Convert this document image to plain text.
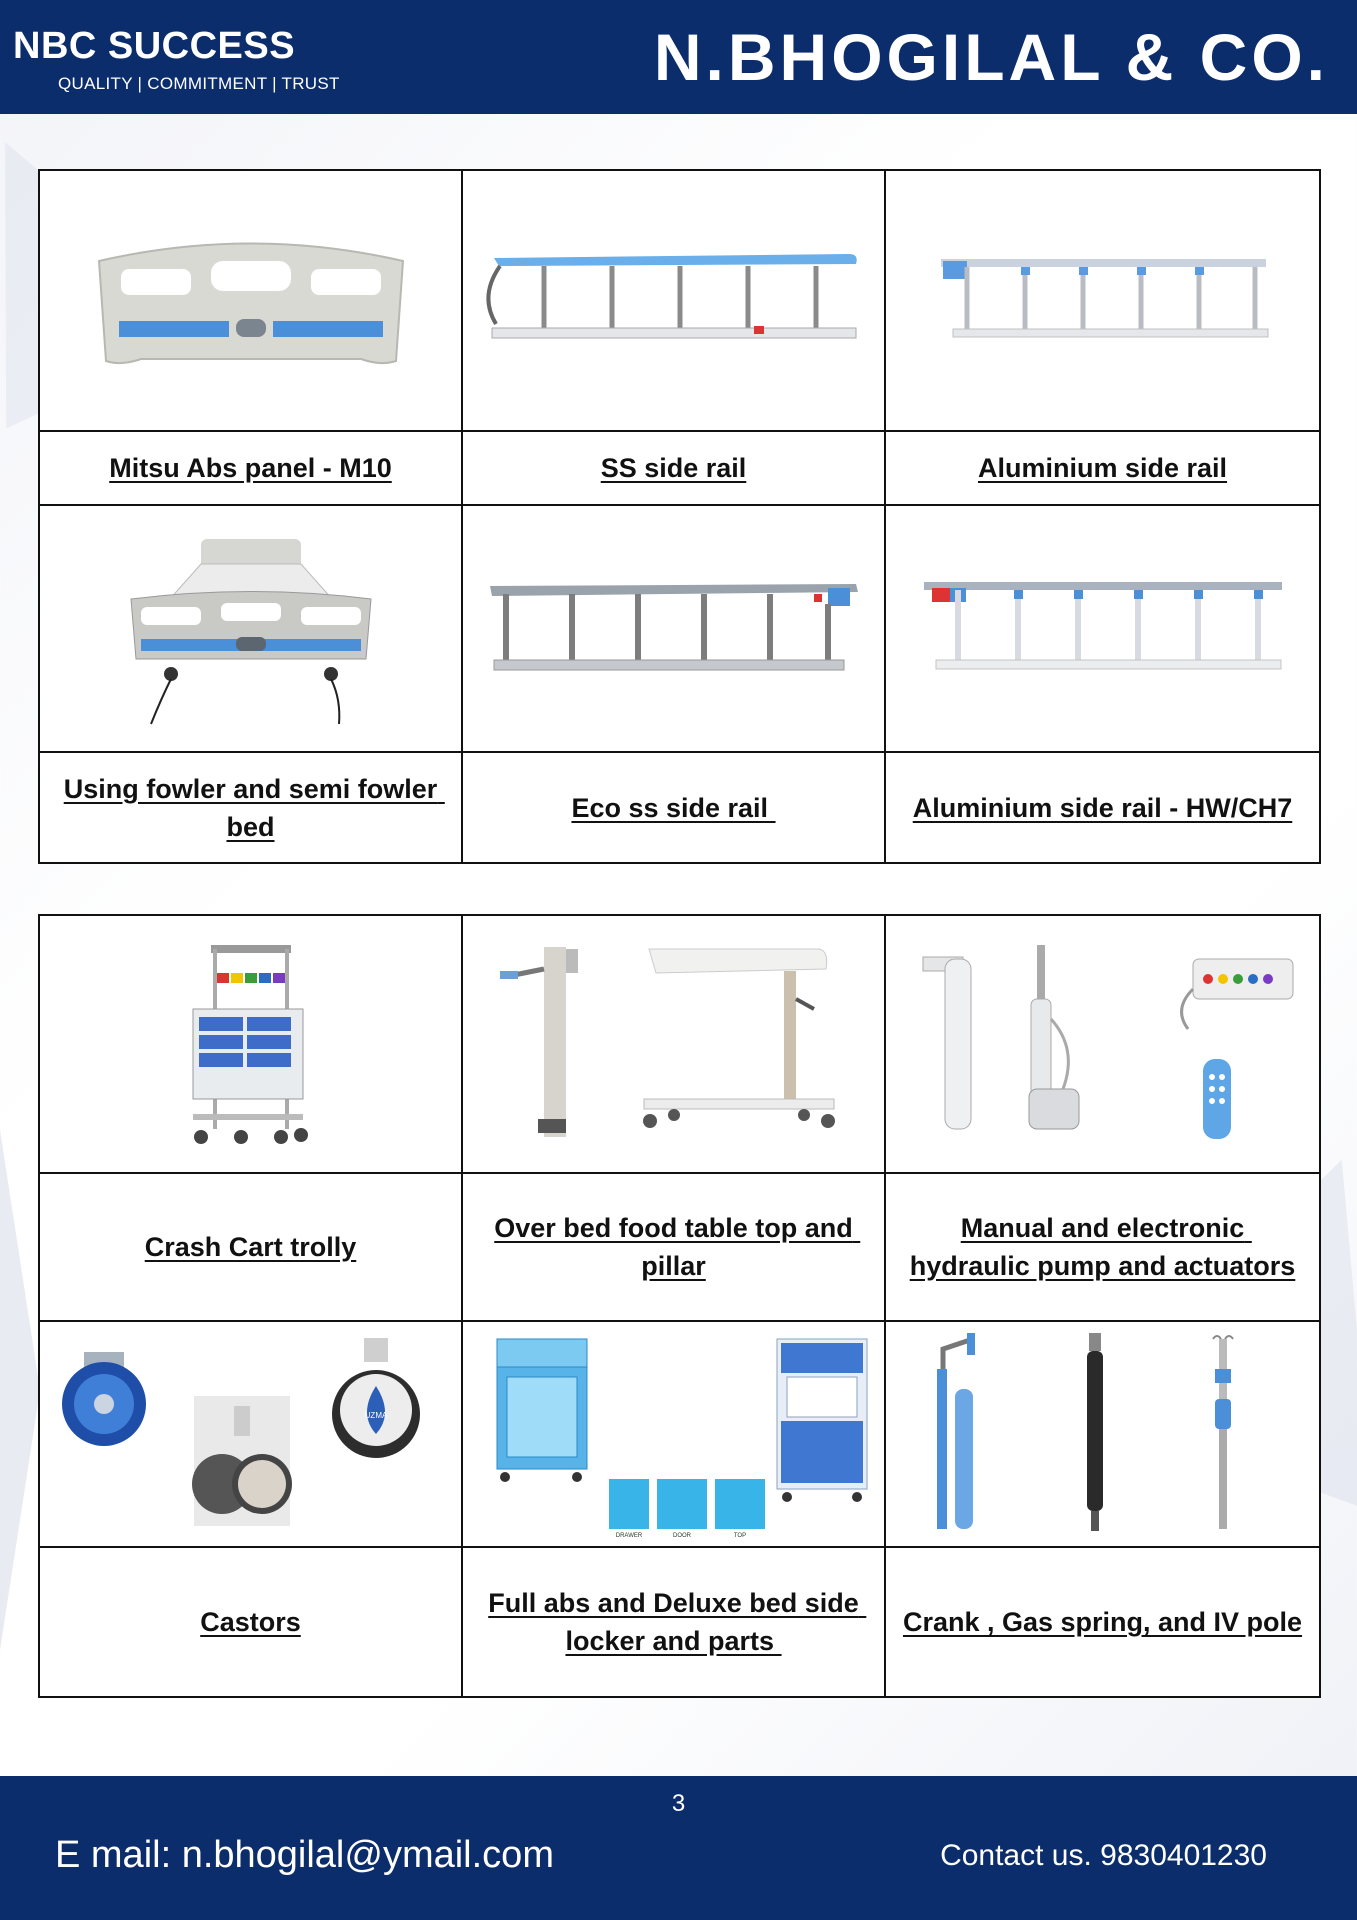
NBC SUCCESS
QUALITY | COMMITMENT | TRUST	N.BHOGILAL & CO.

Mitsu Abs panel - M10	SS side rail	Aluminium side rail

Using fowler and semi fowler bed	Eco ss side rail	Aluminium side rail - HW/CH7

Crash Cart trolly	Over bed food table top and pillar	Manual and electronic hydraulic pump and actuators

UZMA	DRAWER DOOR TOP

Castors	Full abs and Deluxe bed side locker and parts	Crank , Gas spring, and IV pole
3
E mail: n.bhogilal@ymail.com	Contact us. 9830401230
